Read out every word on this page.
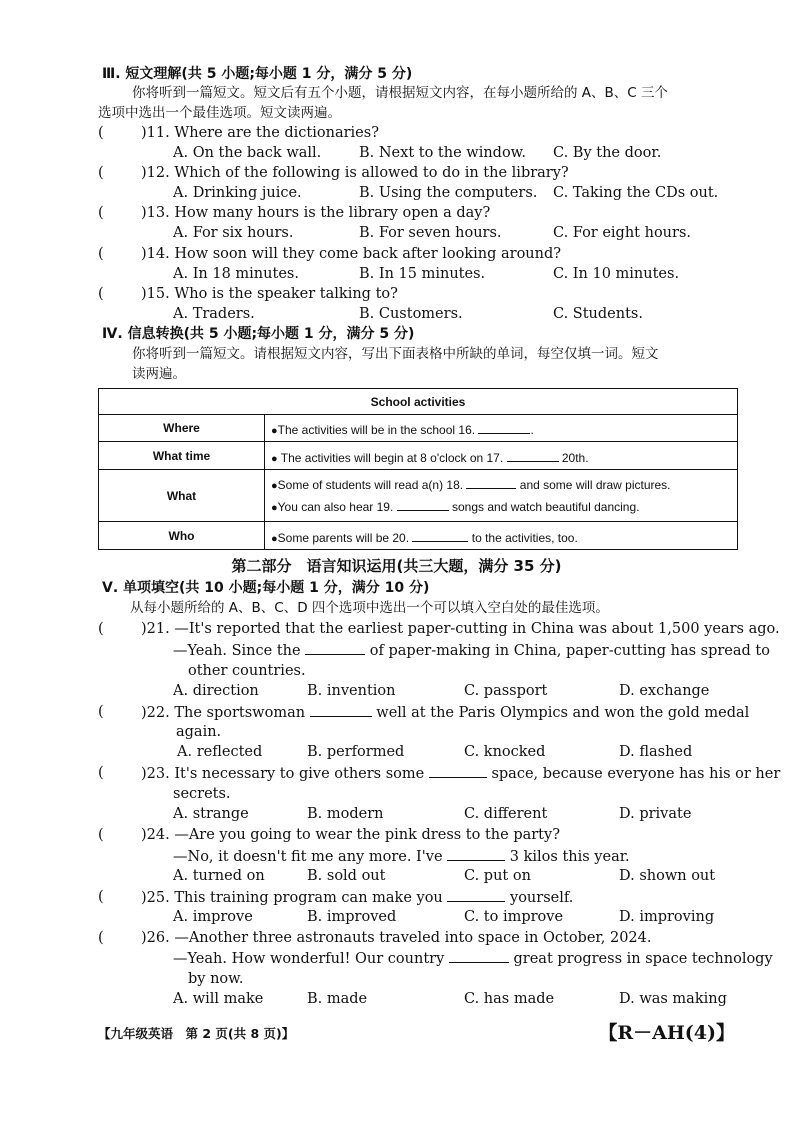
Ⅲ. 短文理解(共 5 小题;每小题 1 分，满分 5 分)
你将听到一篇短文。短文后有五个小题，请根据短文内容，在每小题所给的 A、B、C 三个
选项中选出一个最佳选项。短文读两遍。
(	)11. Where are the dictionaries?
A. On the back wall.	B. Next to the window. C. By the door.
(	)12. Which of the following is allowed to do in the library?
A. Drinking juice.	B. Using the computers. C. Taking the CDs out.
(	)13. How many hours is the library open a day?
A. For six hours.	B. For seven hours.	C. For eight hours.
(	)14. How soon will they come back after looking around?
A. In 18 minutes.	B. In 15 minutes.	C. In 10 minutes.
(	)15. Who is the speaker talking to?
A. Traders.	B. Customers.	C. Students.
Ⅳ. 信息转换(共 5 小题;每小题 1 分，满分 5 分)
你将听到一篇短文。请根据短文内容，写出下面表格中所缺的单词，每空仅填一词。短文
读两遍。
School activities	
Where	●The activities will be in the school 16. .
What time	● The activities will begin at 8 o'clock on 17. 20th.
What	●Some of students will read a(n) 18. and some will draw pictures.
●You can also hear 19. songs and watch beautiful dancing.

Who	●Some parents will be 20. to the activities, too.
第二部分　语言知识运用(共三大题，满分 35 分)
Ⅴ. 单项填空(共 10 小题;每小题 1 分，满分 10 分)
从每小题所给的 A、B、C、D 四个选项中选出一个可以填入空白处的最佳选项。
(	)21. —It's reported that the earliest paper-cutting in China was about 1,500 years ago.
—Yeah. Since the	of paper-making in China, paper-cutting has spread to
other countries.
A. direction	B. invention	C. passport	D. exchange
(	)22. The sportswoman	well at the Paris Olympics and won the gold medal
again.
A. reflected	B. performed	C. knocked	D. flashed
(	)23. It's necessary to give others some	space, because everyone has his or her
secrets.
A. strange	B. modern	C. different	D. private
(	)24. —Are you going to wear the pink dress to the party?
—No, it doesn't fit me any more. I've	3 kilos this year.
A. turned on	B. sold out	C. put on	D. shown out
(	)25. This training program can make you	yourself.
A. improve	B. improved	C. to improve	D. improving
(	)26. —Another three astronauts traveled into space in October, 2024.
—Yeah. How wonderful! Our country	great progress in space technology
by now.
A. will make	B. made	C. has made	D. was making
【九年级英语　第 2 页(共 8 页)】	【R－AH(4)】
